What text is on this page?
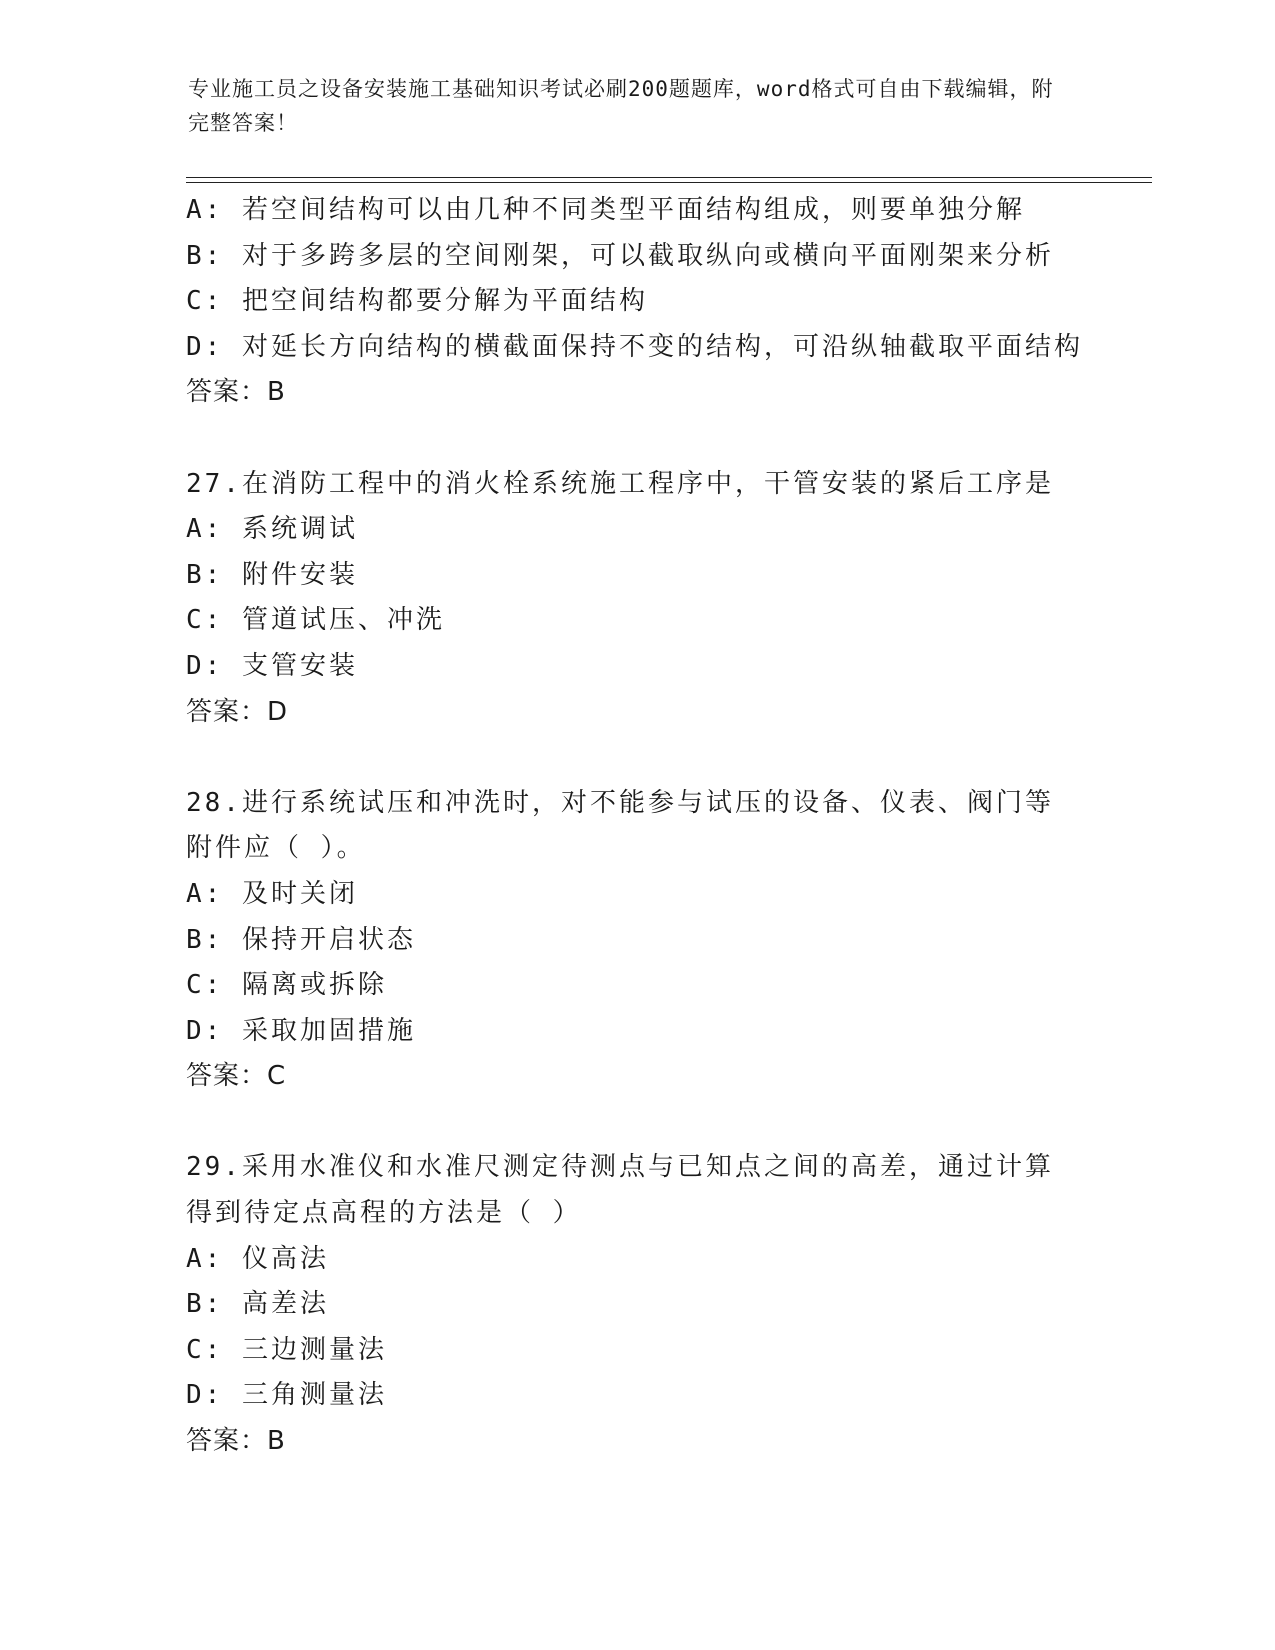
专业施工员之设备安装施工基础知识考试必刷200题题库，word格式可自由下载编辑，附完整答案！
A: 若空间结构可以由几种不同类型平面结构组成，则要单独分解
B: 对于多跨多层的空间刚架，可以截取纵向或横向平面刚架来分析
C: 把空间结构都要分解为平面结构
D: 对延长方向结构的横截面保持不变的结构，可沿纵轴截取平面结构
答案：B
27.在消防工程中的消火栓系统施工程序中，干管安装的紧后工序是
A: 系统调试
B: 附件安装
C: 管道试压、冲洗
D: 支管安装
答案：D
28.进行系统试压和冲洗时，对不能参与试压的设备、仪表、阀门等附件应（ ）。
A: 及时关闭
B: 保持开启状态
C: 隔离或拆除
D: 采取加固措施
答案：C
29.采用水准仪和水准尺测定待测点与已知点之间的高差，通过计算得到待定点高程的方法是（ ）
A: 仪高法
B: 高差法
C: 三边测量法
D: 三角测量法
答案：B
